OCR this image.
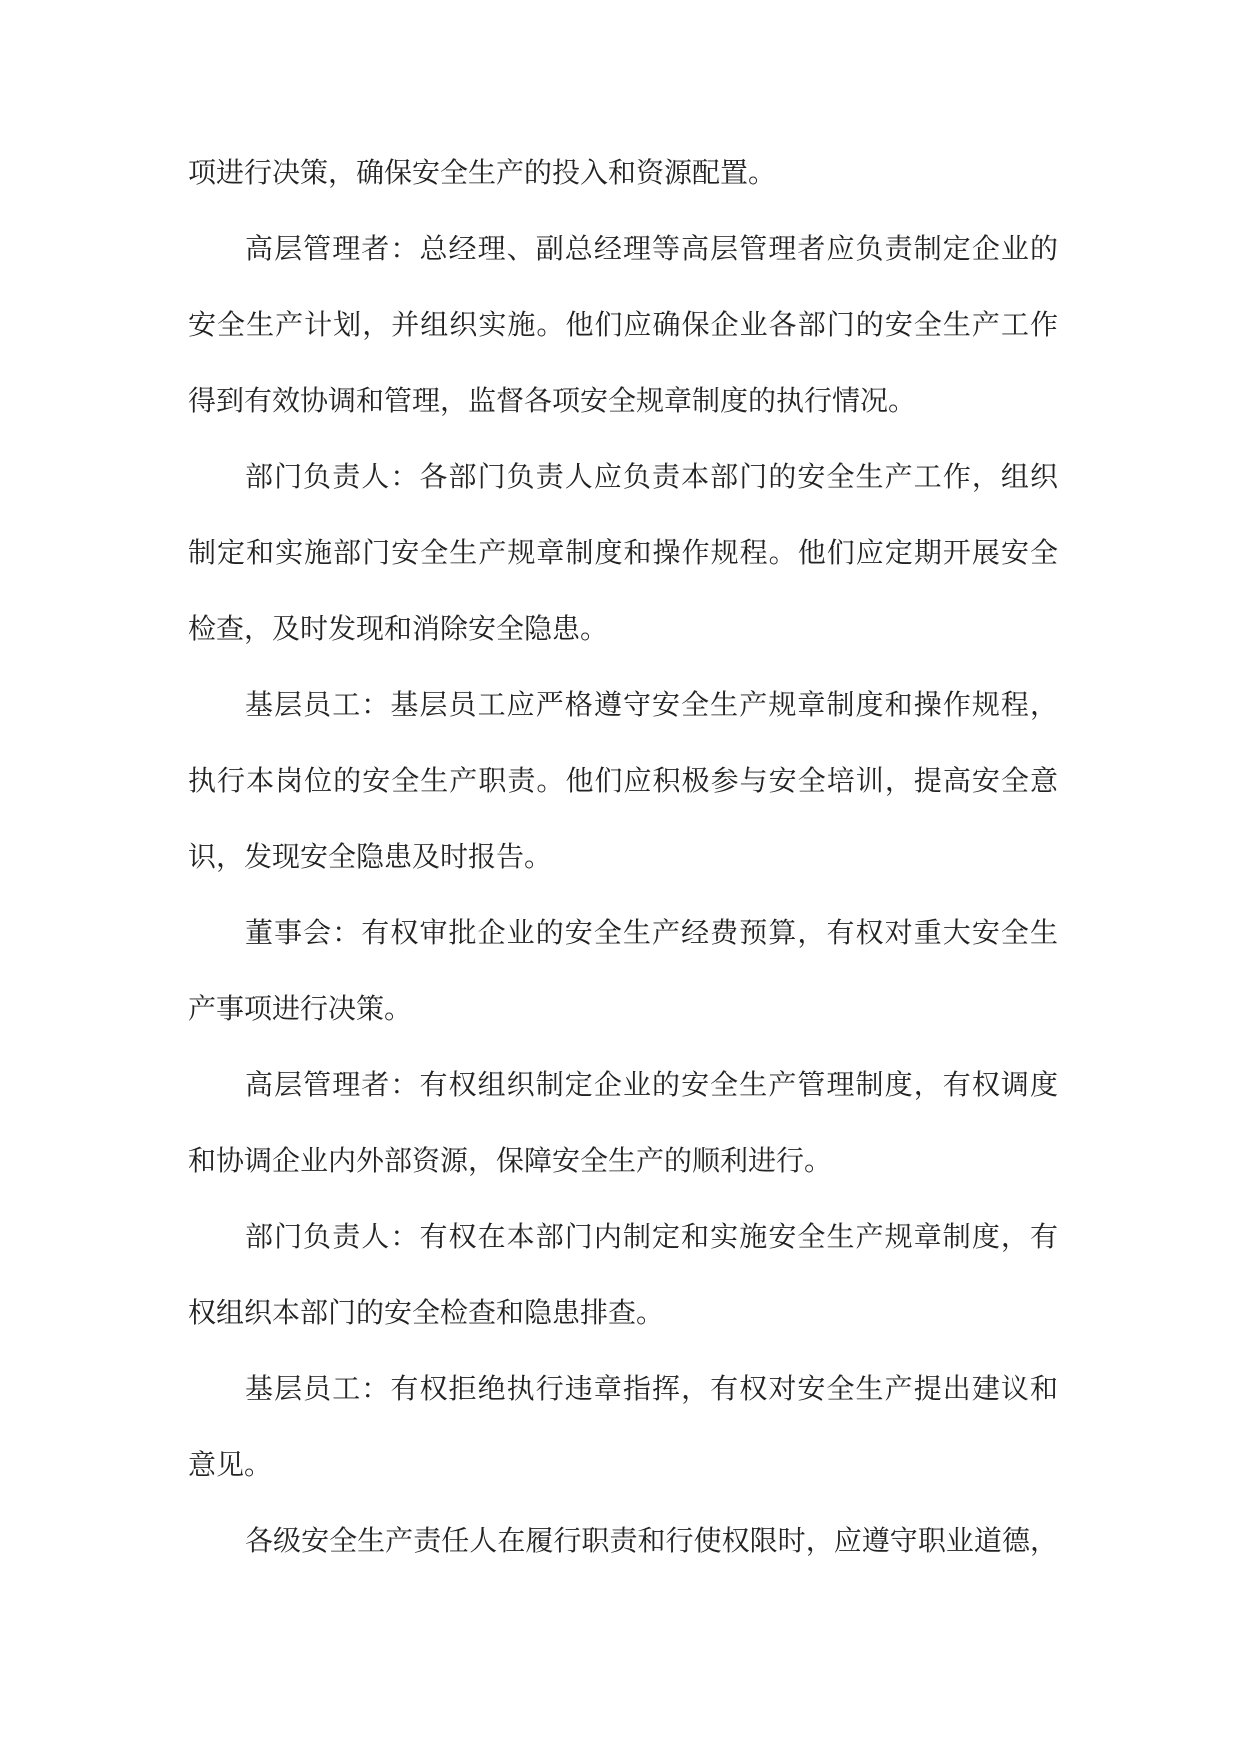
项进行决策，确保安全生产的投入和资源配置。
高层管理者：总经理、副总经理等高层管理者应负责制定企业的
安全生产计划，并组织实施。他们应确保企业各部门的安全生产工作
得到有效协调和管理，监督各项安全规章制度的执行情况。
部门负责人：各部门负责人应负责本部门的安全生产工作，组织
制定和实施部门安全生产规章制度和操作规程。他们应定期开展安全
检查，及时发现和消除安全隐患。
基层员工：基层员工应严格遵守安全生产规章制度和操作规程，
执行本岗位的安全生产职责。他们应积极参与安全培训，提高安全意
识，发现安全隐患及时报告。
董事会：有权审批企业的安全生产经费预算，有权对重大安全生
产事项进行决策。
高层管理者：有权组织制定企业的安全生产管理制度，有权调度
和协调企业内外部资源，保障安全生产的顺利进行。
部门负责人：有权在本部门内制定和实施安全生产规章制度，有
权组织本部门的安全检查和隐患排查。
基层员工：有权拒绝执行违章指挥，有权对安全生产提出建议和
意见。
各级安全生产责任人在履行职责和行使权限时，应遵守职业道德，
